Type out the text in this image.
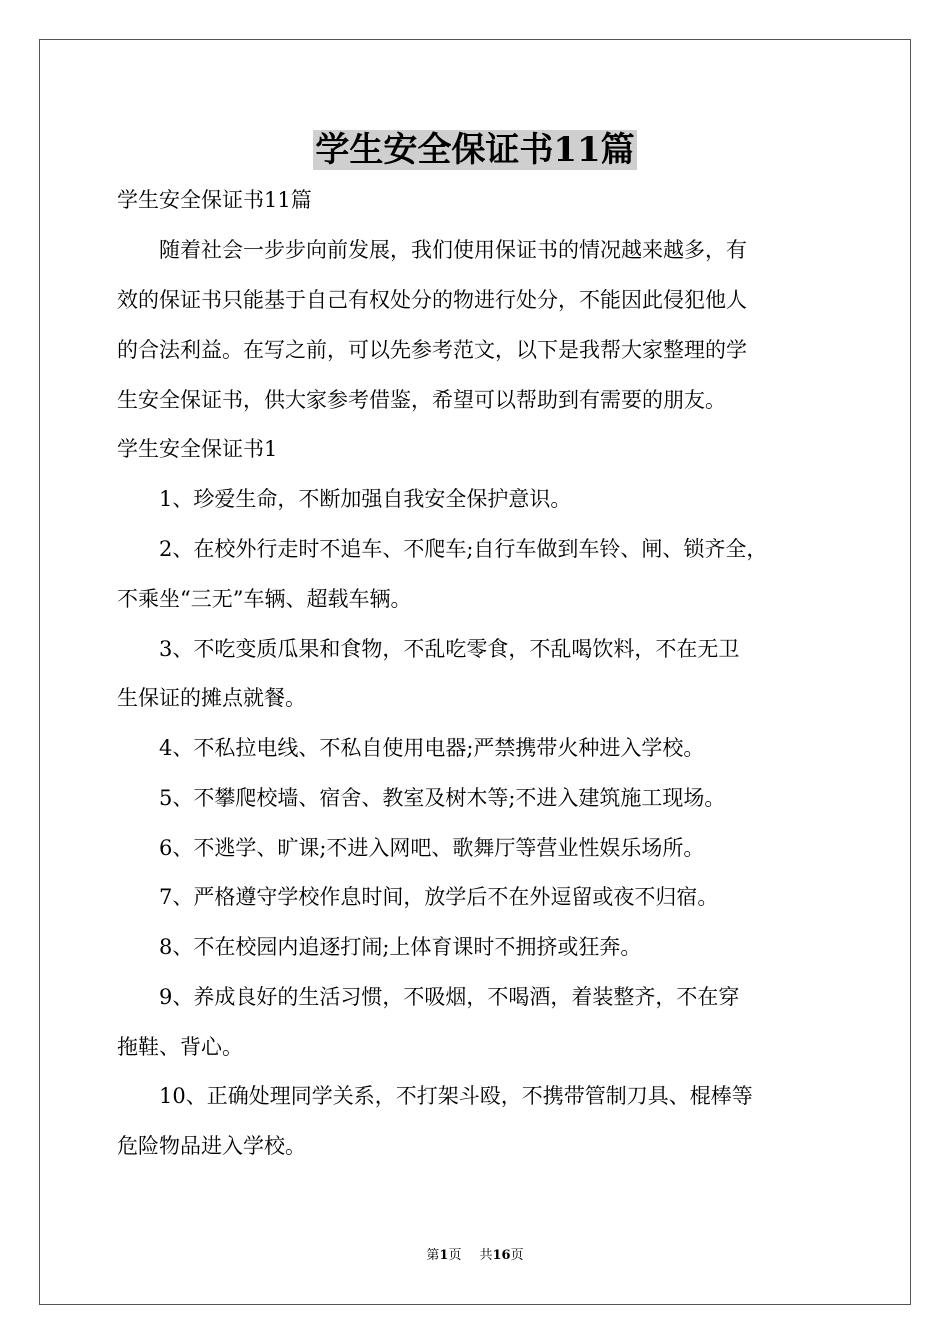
学生安全保证书11篇
学生安全保证书11篇
　　随着社会一步步向前发展，我们使用保证书的情况越来越多，有
效的保证书只能基于自己有权处分的物进行处分，不能因此侵犯他人
的合法利益。在写之前，可以先参考范文，以下是我帮大家整理的学
生安全保证书，供大家参考借鉴，希望可以帮助到有需要的朋友。
学生安全保证书1
　　1、珍爱生命，不断加强自我安全保护意识。
　　2、在校外行走时不追车、不爬车;自行车做到车铃、闸、锁齐全，
不乘坐“三无”车辆、超载车辆。
　　3、不吃变质瓜果和食物，不乱吃零食，不乱喝饮料，不在无卫
生保证的摊点就餐。
　　4、不私拉电线、不私自使用电器;严禁携带火种进入学校。
　　5、不攀爬校墙、宿舍、教室及树木等;不进入建筑施工现场。
　　6、不逃学、旷课;不进入网吧、歌舞厅等营业性娱乐场所。
　　7、严格遵守学校作息时间，放学后不在外逗留或夜不归宿。
　　8、不在校园内追逐打闹;上体育课时不拥挤或狂奔。
　　9、养成良好的生活习惯，不吸烟，不喝酒，着装整齐，不在穿
拖鞋、背心。
　　10、正确处理同学关系，不打架斗殴，不携带管制刀具、棍棒等
危险物品进入学校。
第1页 共16页
